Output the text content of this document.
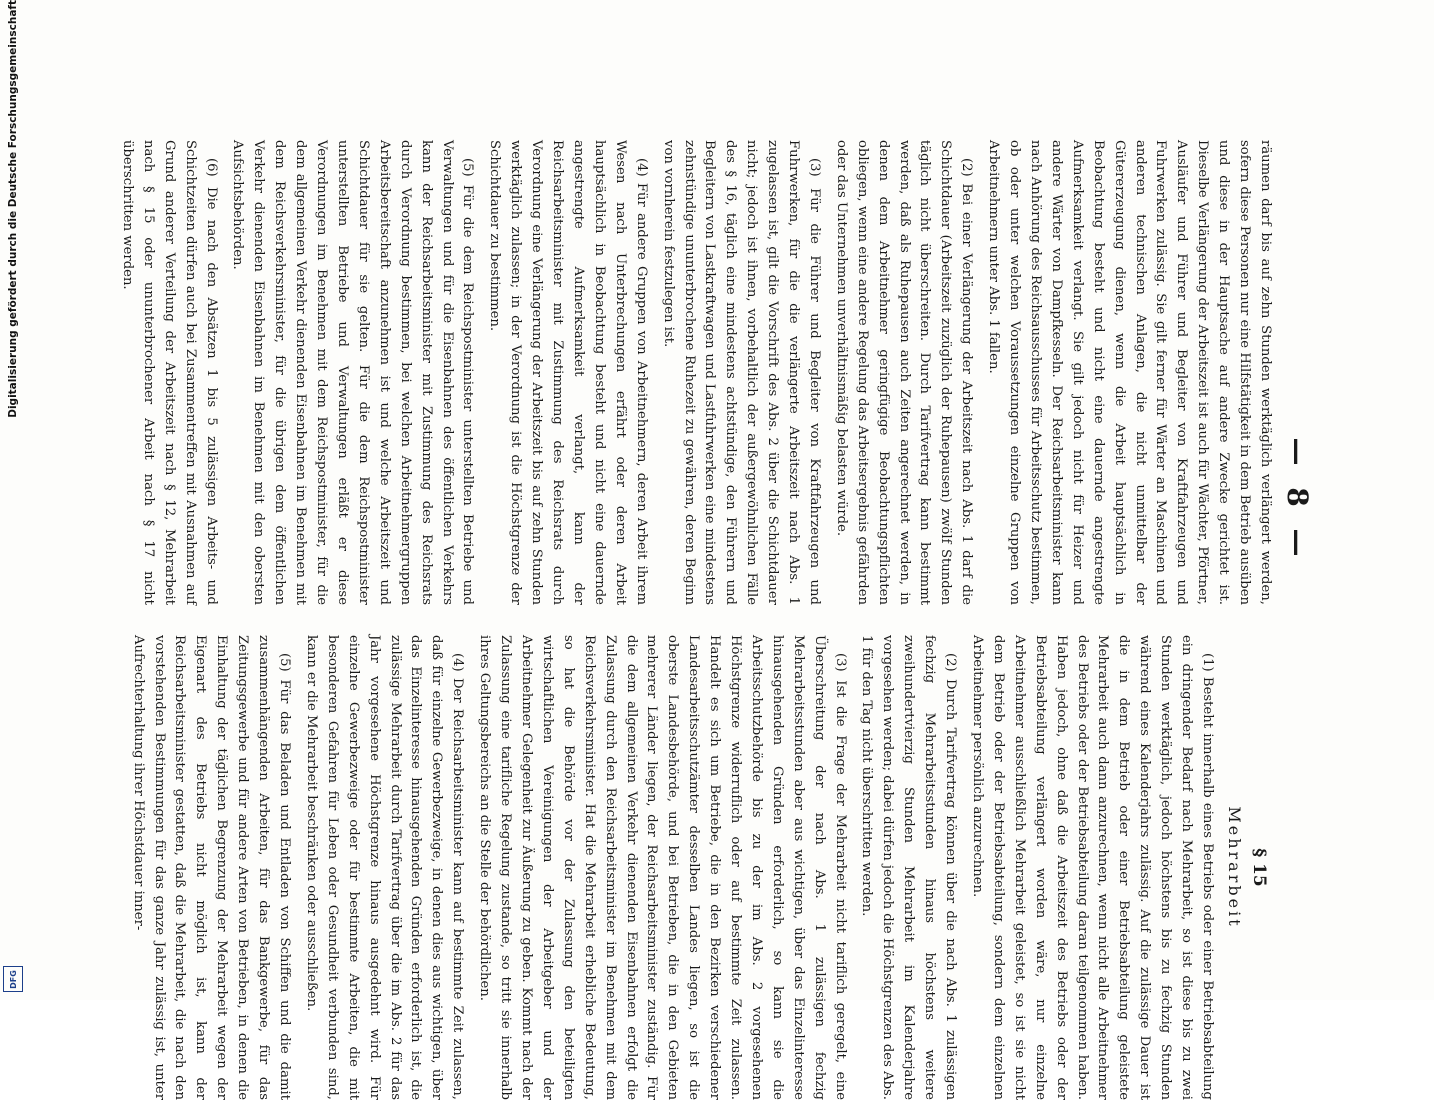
Digitalisierung gefördert durch die Deutsche Forschungsgemeinschaft
DFG
— 8 —

räumen darf bis auf zehn Stunden werktäglich verlängert werden, sofern diese Personen nur eine Hilfstätigkeit in dem Betrieb ausüben und diese in der Hauptsache auf andere Zwecke gerichtet ist. Dieselbe Verlängerung der Arbeitszeit ist auch für Wächter, Pförtner, Ausläufer und Führer und Begleiter von Kraftfahrzeugen und Fuhrwerken zulässig. Sie gilt ferner für Wärter an Maschinen und anderen technischen Anlagen, die nicht unmittelbar der Gütererzeugung dienen, wenn die Arbeit hauptsächlich in Beobachtung besteht und nicht eine dauernde angestrengte Aufmerksamkeit verlangt. Sie gilt jedoch nicht für Heizer und andere Wärter von Dampfkesseln. Der Reichsarbeitsminister kann nach Anhörung des Reichsausschusses für Arbeitsschutz bestimmen, ob oder unter welchen Voraussetzungen einzelne Gruppen von Arbeitnehmern unter Abs. 1 fallen.

(2) Bei einer Verlängerung der Arbeitszeit nach Abs. 1 darf die Schichtdauer (Arbeitszeit zuzüglich der Ruhepausen) zwölf Stunden täglich nicht überschreiten. Durch Tarifvertrag kann bestimmt werden, daß als Ruhepausen auch Zeiten angerechnet werden, in denen dem Arbeitnehmer geringfügige Beobachtungspflichten obliegen, wenn eine andere Regelung das Arbeitsergebnis gefährden oder das Unternehmen unverhältnismäßig belasten würde.

(3) Für die Führer und Begleiter von Kraftfahrzeugen und Fuhrwerken, für die die verlängerte Arbeitszeit nach Abs. 1 zugelassen ist, gilt die Vorschrift des Abs. 2 über die Schichtdauer nicht; jedoch ist ihnen, vorbehaltlich der außergewöhnlichen Fälle des § 16, täglich eine mindestens achtstündige, den Führern und Begleitern von Lastkraftwagen und Lastfuhrwerken eine mindestens zehnstündige ununterbrochene Ruhezeit zu gewähren, deren Beginn von vornherein festzulegen ist.

(4) Für andere Gruppen von Arbeitnehmern, deren Arbeit ihrem Wesen nach Unterbrechungen erfährt oder deren Arbeit hauptsächlich in Beobachtung besteht und nicht eine dauernde angestrengte Aufmerksamkeit verlangt, kann der Reichsarbeitsminister mit Zustimmung des Reichsrats durch Verordnung eine Verlängerung der Arbeitszeit bis auf zehn Stunden werktäglich zulassen; in der Verordnung ist die Höchstgrenze der Schichtdauer zu bestimmen.

(5) Für die dem Reichspostminister unterstellten Betriebe und Verwaltungen und für die Eisenbahnen des öffentlichen Verkehrs kann der Reichsarbeitsminister mit Zustimmung des Reichsrats durch Verordnung bestimmen, bei welchen Arbeitnehmergruppen Arbeitsbereitschaft anzunehmen ist und welche Arbeitszeit und Schichtdauer für sie gelten. Für die dem Reichspostminister unterstellten Betriebe und Verwaltungen erläßt er diese Verordnungen im Benehmen mit dem Reichspostminister, für die dem allgemeinen Verkehr dienenden Eisenbahnen im Benehmen mit dem Reichsverkehrsminister, für die übrigen dem öffentlichen Verkehr dienenden Eisenbahnen im Benehmen mit den obersten Aufsichtsbehörden.

(6) Die nach den Absätzen 1 bis 5 zulässigen Arbeits- und Schichtzeiten dürfen auch bei Zusammentreffen mit Ausnahmen auf Grund anderer Verteilung der Arbeitszeit nach § 12, Mehrarbeit nach § 15 oder ununterbrochener Arbeit nach § 17 nicht überschritten werden.

§ 15
Mehrarbeit

(1) Besteht innerhalb eines Betriebs oder einer Betriebsabteilung ein dringender Bedarf nach Mehrarbeit, so ist diese bis zu zwei Stunden werktäglich, jedoch höchstens bis zu fechzig Stunden während eines Kalenderjahrs zulässig. Auf die zulässige Dauer ist die in dem Betrieb oder einer Betriebsabteilung geleistete Mehrarbeit auch dann anzurechnen, wenn nicht alle Arbeitnehmer des Betriebs oder der Betriebsabteilung daran teilgenommen haben. Haben jedoch, ohne daß die Arbeitszeit des Betriebs oder der Betriebsabteilung verlängert worden wäre, nur einzelne Arbeitnehmer ausschließlich Mehrarbeit geleistet, so ist sie nicht dem Betrieb oder der Betriebsabteilung, sondern dem einzelnen Arbeitnehmer persönlich anzurechnen.

(2) Durch Tarifvertrag können über die nach Abs. 1 zulässigen fechzig Mehrarbeitsstunden hinaus höchstens weitere zweihundertvierzig Stunden Mehrarbeit im Kalenderjahre vorgesehen werden; dabei dürfen jedoch die Höchstgrenzen des Abs. 1 für den Tag nicht überschritten werden.

(3) Ist die Frage der Mehrarbeit nicht tariflich geregelt, eine Überschreitung der nach Abs. 1 zulässigen fechzig Mehrarbeitsstunden aber aus wichtigen, über das Einzelinteresse hinausgehenden Gründen erforderlich, so kann sie die Arbeitsschutzbehörde bis zu der im Abs. 2 vorgesehenen Höchstgrenze widerruflich oder auf bestimmte Zeit zulassen. Handelt es sich um Betriebe, die in den Bezirken verschiedener Landesarbeitsschutzämter desselben Landes liegen, so ist die oberste Landesbehörde, und bei Betrieben, die in den Gebieten mehrerer Länder liegen, der Reichsarbeitsminister zuständig. Für die dem allgemeinen Verkehr dienenden Eisenbahnen erfolgt die Zulassung durch den Reichsarbeitsminister im Benehmen mit dem Reichsverkehrsminister. Hat die Mehrarbeit erhebliche Bedeutung, so hat die Behörde vor der Zulassung den beteiligten wirtschaftlichen Vereinigungen der Arbeitgeber und der Arbeitnehmer Gelegenheit zur Äußerung zu geben. Kommt nach der Zulassung eine tarifliche Regelung zustande, so tritt sie innerhalb ihres Geltungsbereichs an die Stelle der behördlichen.

(4) Der Reichsarbeitsminister kann auf bestimmte Zeit zulassen, daß für einzelne Gewerbezweige, in denen dies aus wichtigen, über das Einzelinteresse hinausgehenden Gründen erforderlich ist, die zulässige Mehrarbeit durch Tarifvertrag über die im Abs. 2 für das Jahr vorgesehene Höchstgrenze hinaus ausgedehnt wird. Für einzelne Gewerbezweige oder für bestimmte Arbeiten, die mit besonderen Gefahren für Leben oder Gesundheit verbunden sind, kann er die Mehrarbeit beschränken oder ausschließen.

(5) Für das Beladen und Entladen von Schiffen und die damit zusammenhängenden Arbeiten, für das Bankgewerbe, für das Zeitungsgewerbe und für andere Arten von Betrieben, in denen die Einhaltung der täglichen Begrenzung der Mehrarbeit wegen der Eigenart des Betriebs nicht möglich ist, kann der Reichsarbeitsminister gestatten, daß die Mehrarbeit, die nach den vorstehenden Bestimmungen für das ganze Jahr zulässig ist, unter Aufrechterhaltung ihrer Höchstdauer inner-
